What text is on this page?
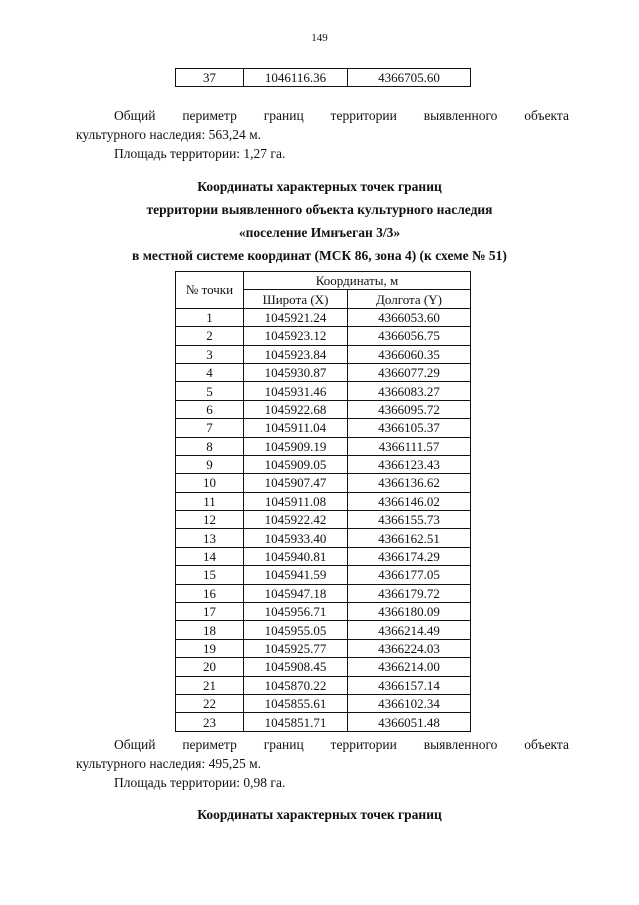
149
37	1046116.36	4366705.60
Общий периметр границ территории выявленного объекта
культурного наследия: 563,24 м.
Площадь территории: 1,27 га.
Координаты характерных точек границ
территории выявленного объекта культурного наследия
«поселение Имнъеган 3/3»
в местной системе координат (МСК 86, зона 4) (к схеме № 51)
№ точки	Координаты, м	
	Широта (X)	Долгота (Y)
1	1045921.24	4366053.60
2	1045923.12	4366056.75
3	1045923.84	4366060.35
4	1045930.87	4366077.29
5	1045931.46	4366083.27
6	1045922.68	4366095.72
7	1045911.04	4366105.37
8	1045909.19	4366111.57
9	1045909.05	4366123.43
10	1045907.47	4366136.62
11	1045911.08	4366146.02
12	1045922.42	4366155.73
13	1045933.40	4366162.51
14	1045940.81	4366174.29
15	1045941.59	4366177.05
16	1045947.18	4366179.72
17	1045956.71	4366180.09
18	1045955.05	4366214.49
19	1045925.77	4366224.03
20	1045908.45	4366214.00
21	1045870.22	4366157.14
22	1045855.61	4366102.34
23	1045851.71	4366051.48
Общий периметр границ территории выявленного объекта
культурного наследия: 495,25 м.
Площадь территории: 0,98 га.
Координаты характерных точек границ
